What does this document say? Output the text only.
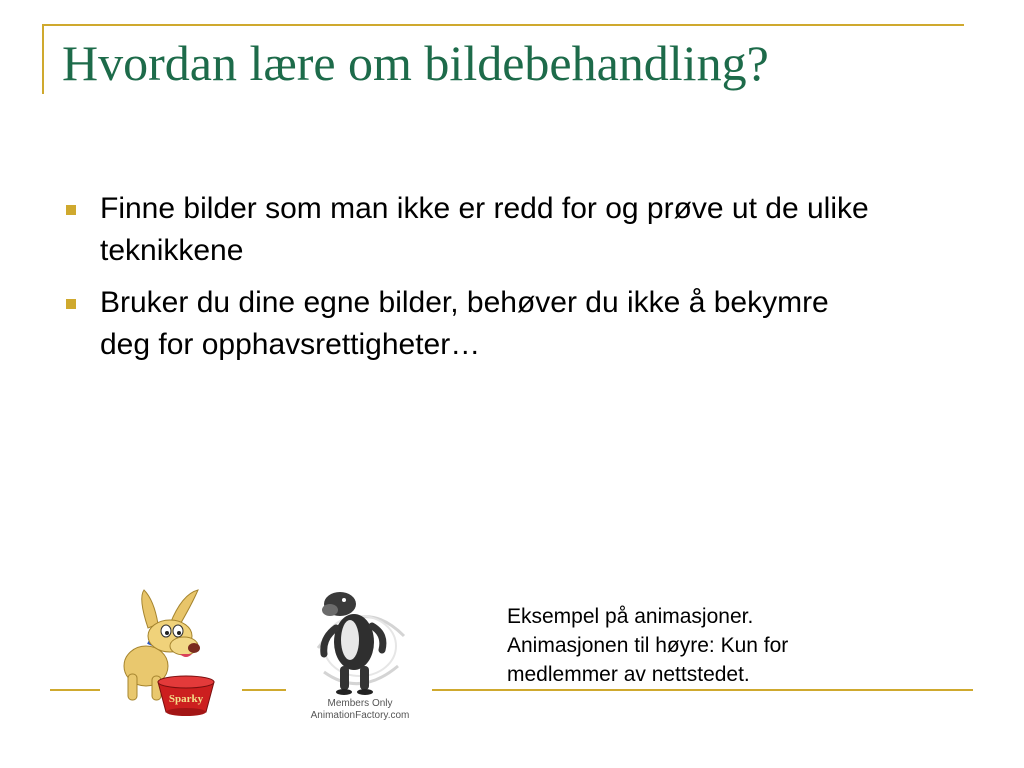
Hvordan lære om bildebehandling?
Finne bilder som man ikke er redd for og prøve ut de ulike teknikkene
Bruker du dine egne bilder, behøver du ikke å bekymre deg for opphavsrettigheter…
Sparky	Members Only
AnimationFactory.com
Eksempel på animasjoner.
Animasjonen til høyre: Kun for medlemmer av nettstedet.
